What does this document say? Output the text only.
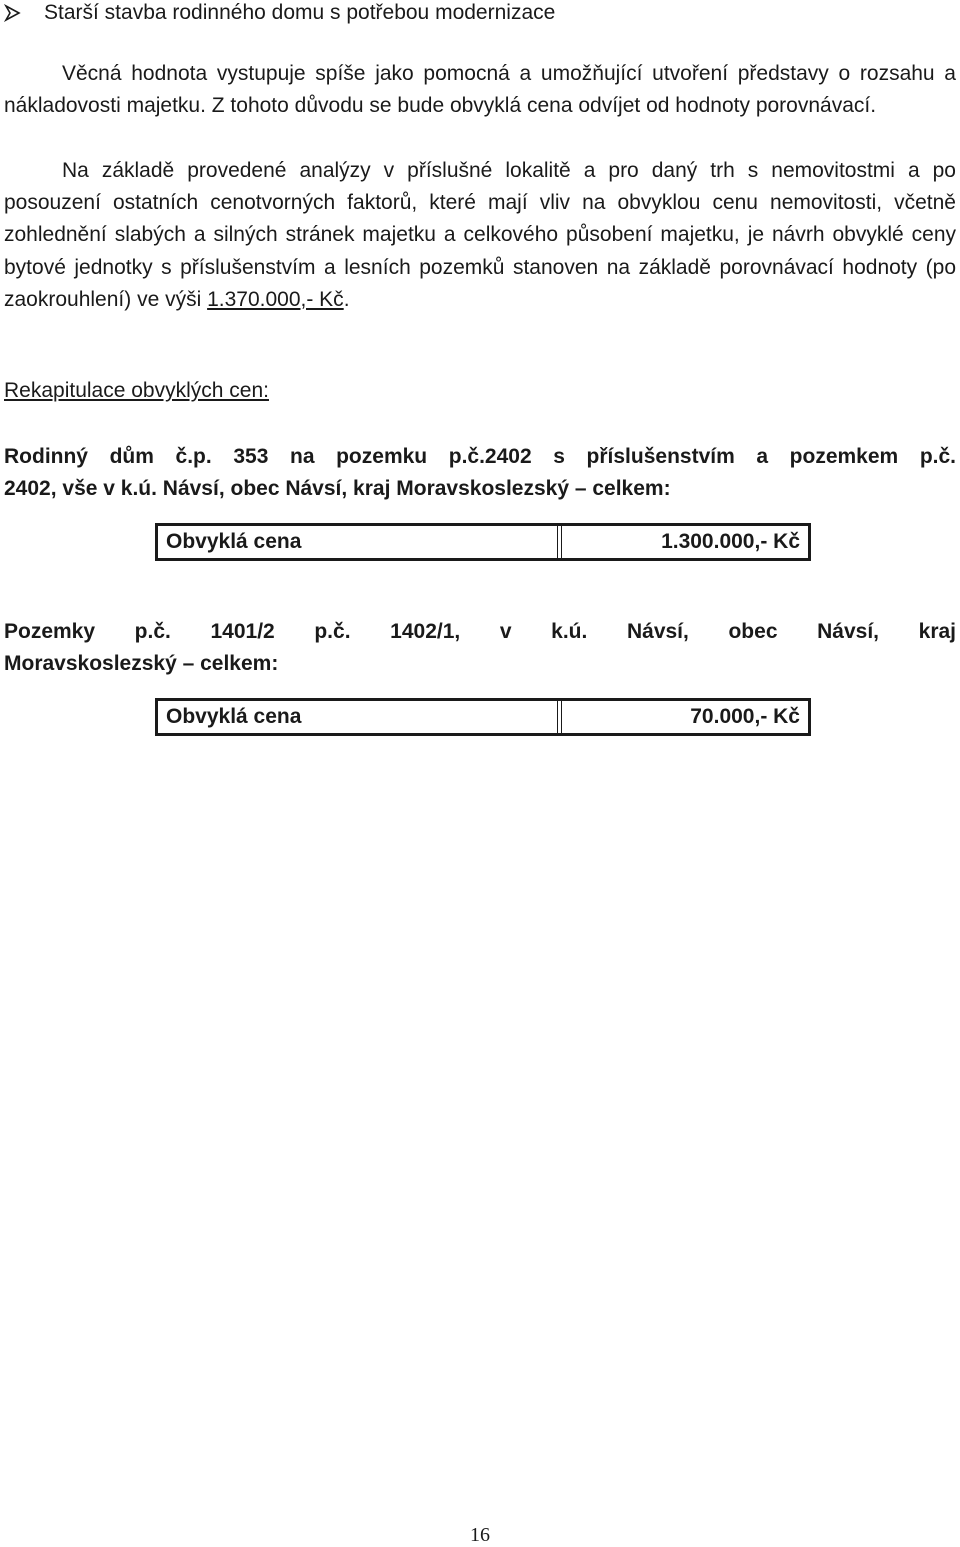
Starší stavba rodinného domu s potřebou modernizace
Věcná hodnota vystupuje spíše jako pomocná a umožňující utvoření představy o rozsahu a nákladovosti majetku. Z tohoto důvodu se bude obvyklá cena odvíjet od hodnoty porovnávací.
Na základě provedené analýzy v příslušné lokalitě a pro daný trh s nemovitostmi a po posouzení ostatních cenotvorných faktorů, které mají vliv na obvyklou cenu nemovitosti, včetně zohlednění slabých a silných stránek majetku a celkového působení majetku, je návrh obvyklé ceny bytové jednotky s příslušenstvím a lesních pozemků stanoven na základě porovnávací hodnoty (po zaokrouhlení) ve výši 1.370.000,- Kč.
Rekapitulace obvyklých cen:
Rodinný dům č.p. 353 na pozemku p.č.2402 s příslušenstvím a pozemkem p.č.
2402, vše v k.ú. Návsí, obec Návsí, kraj Moravskoslezský – celkem:
Obvyklá cena	1.300.000,- Kč
Pozemky p.č. 1401/2 p.č. 1402/1, v k.ú. Návsí, obec Návsí, kraj
Moravskoslezský – celkem:
Obvyklá cena	70.000,- Kč
16
